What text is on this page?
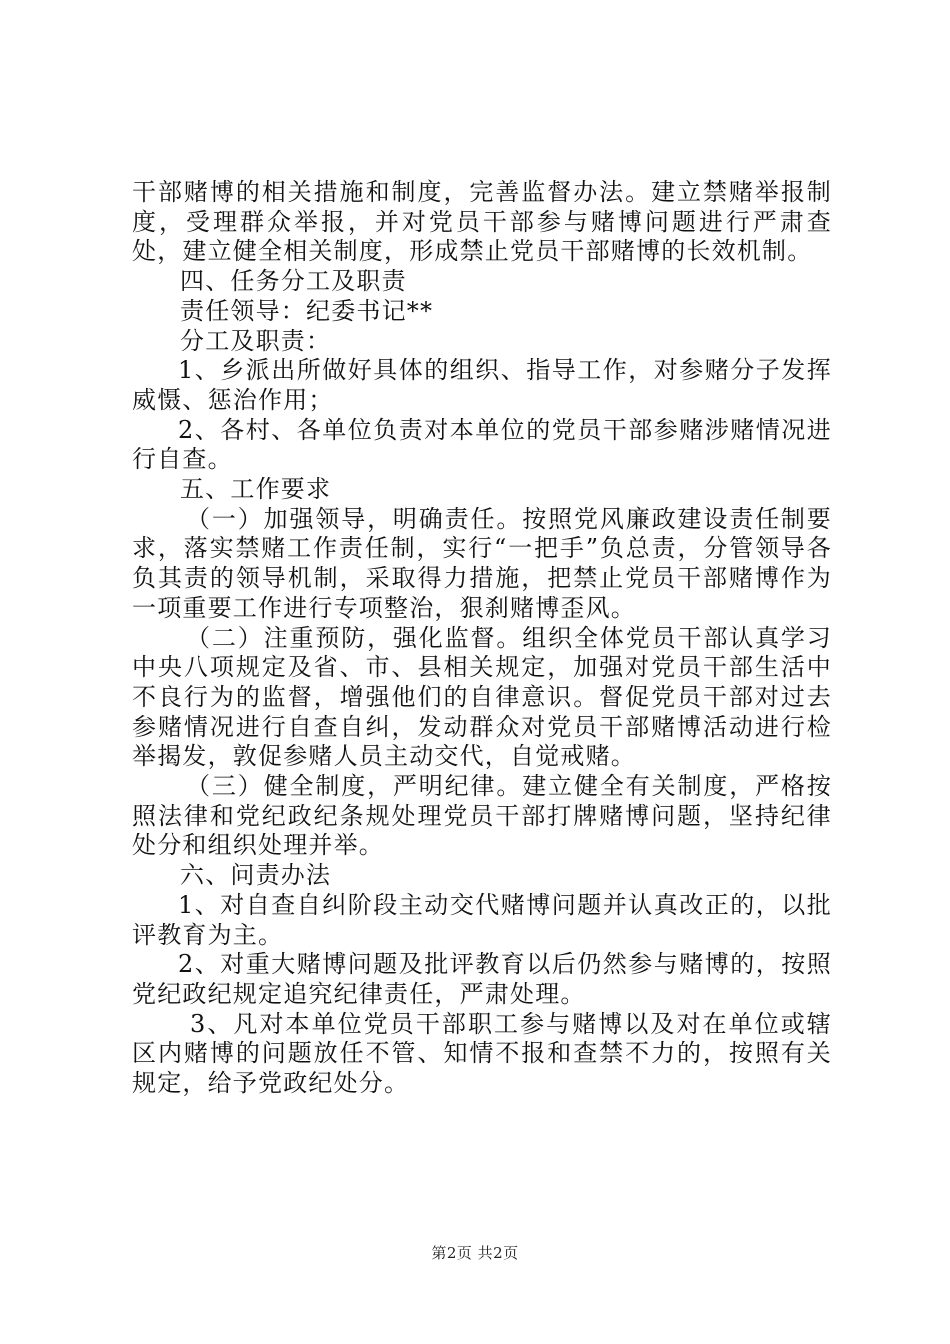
干部赌博的相关措施和制度，完善监督办法。建立禁赌举报制度，受理群众举报，并对党员干部参与赌博问题进行严肃查处，建立健全相关制度，形成禁止党员干部赌博的长效机制。

四、任务分工及职责

责任领导：纪委书记**

分工及职责：

1、乡派出所做好具体的组织、指导工作，对参赌分子发挥威慑、惩治作用；

2、各村、各单位负责对本单位的党员干部参赌涉赌情况进行自查。

五、工作要求

（一）加强领导，明确责任。按照党风廉政建设责任制要求，落实禁赌工作责任制，实行“一把手”负总责，分管领导各负其责的领导机制，采取得力措施，把禁止党员干部赌博作为一项重要工作进行专项整治，狠刹赌博歪风。

（二）注重预防，强化监督。组织全体党员干部认真学习中央八项规定及省、市、县相关规定，加强对党员干部生活中不良行为的监督，增强他们的自律意识。督促党员干部对过去参赌情况进行自查自纠，发动群众对党员干部赌博活动进行检举揭发，敦促参赌人员主动交代，自觉戒赌。

（三）健全制度，严明纪律。建立健全有关制度，严格按照法律和党纪政纪条规处理党员干部打牌赌博问题，坚持纪律处分和组织处理并举。

六、问责办法

1、对自查自纠阶段主动交代赌博问题并认真改正的，以批评教育为主。

2、对重大赌博问题及批评教育以后仍然参与赌博的，按照党纪政纪规定追究纪律责任，严肃处理。

3、凡对本单位党员干部职工参与赌博以及对在单位或辖区内赌博的问题放任不管、知情不报和查禁不力的，按照有关规定，给予党政纪处分。

第2页 共2页
